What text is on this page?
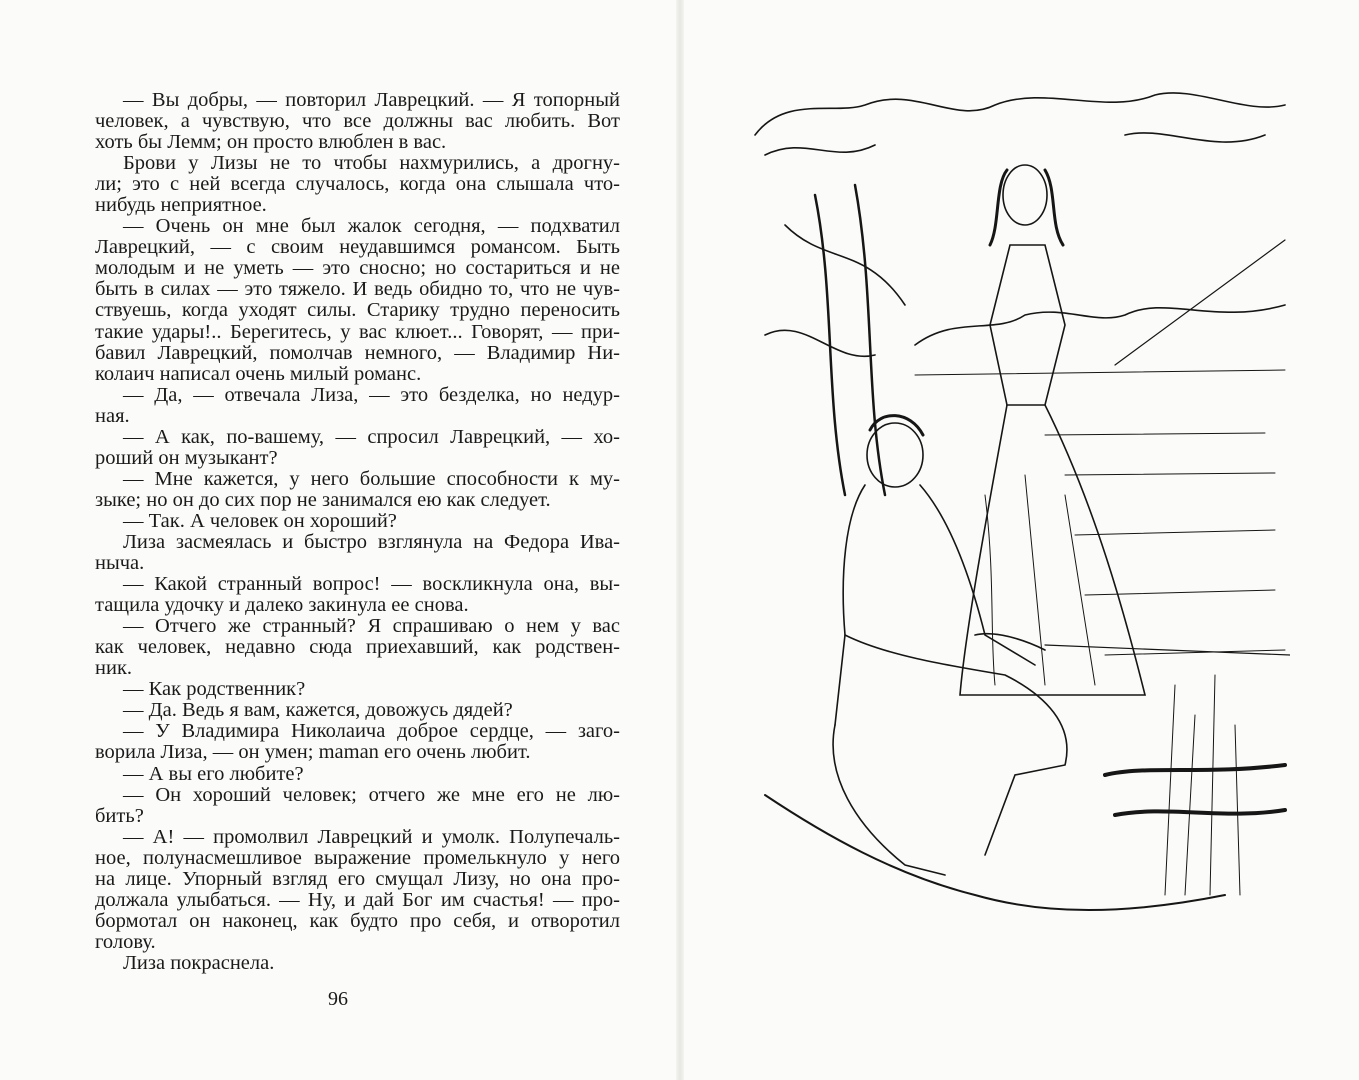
— Вы добры, — повторил Лаврецкий. — Я топорный
человек, а чувствую, что все должны вас любить. Вот
хоть бы Лемм; он просто влюблен в вас.
Брови у Лизы не то чтобы нахмурились, а дрогну-
ли; это с ней всегда случалось, когда она слышала что-
нибудь неприятное.
— Очень он мне был жалок сегодня, — подхватил
Лаврецкий, — с своим неудавшимся романсом. Быть
молодым и не уметь — это сносно; но состариться и не
быть в силах — это тяжело. И ведь обидно то, что не чув-
ствуешь, когда уходят силы. Старику трудно переносить
такие удары!.. Берегитесь, у вас клюет... Говорят, — при-
бавил Лаврецкий, помолчав немного, — Владимир Ни-
колаич написал очень милый романс.
— Да, — отвечала Лиза, — это безделка, но недур-
ная.
— А как, по-вашему, — спросил Лаврецкий, — хо-
роший он музыкант?
— Мне кажется, у него большие способности к му-
зыке; но он до сих пор не занимался ею как следует.
— Так. А человек он хороший?
Лиза засмеялась и быстро взглянула на Федора Ива-
ныча.
— Какой странный вопрос! — воскликнула она, вы-
тащила удочку и далеко закинула ее снова.
— Отчего же странный? Я спрашиваю о нем у вас
как человек, недавно сюда приехавший, как родствен-
ник.
— Как родственник?
— Да. Ведь я вам, кажется, довожусь дядей?
— У Владимира Николаича доброе сердце, — заго-
ворила Лиза, — он умен; maman его очень любит.
— А вы его любите?
— Он хороший человек; отчего же мне его не лю-
бить?
— А! — промолвил Лаврецкий и умолк. Полупечаль-
ное, полунасмешливое выражение промелькнуло у него
на лице. Упорный взгляд его смущал Лизу, но она про-
должала улыбаться. — Ну, и дай Бог им счастья! — про-
бормотал он наконец, как будто про себя, и отворотил
голову.
Лиза покраснела.
96
